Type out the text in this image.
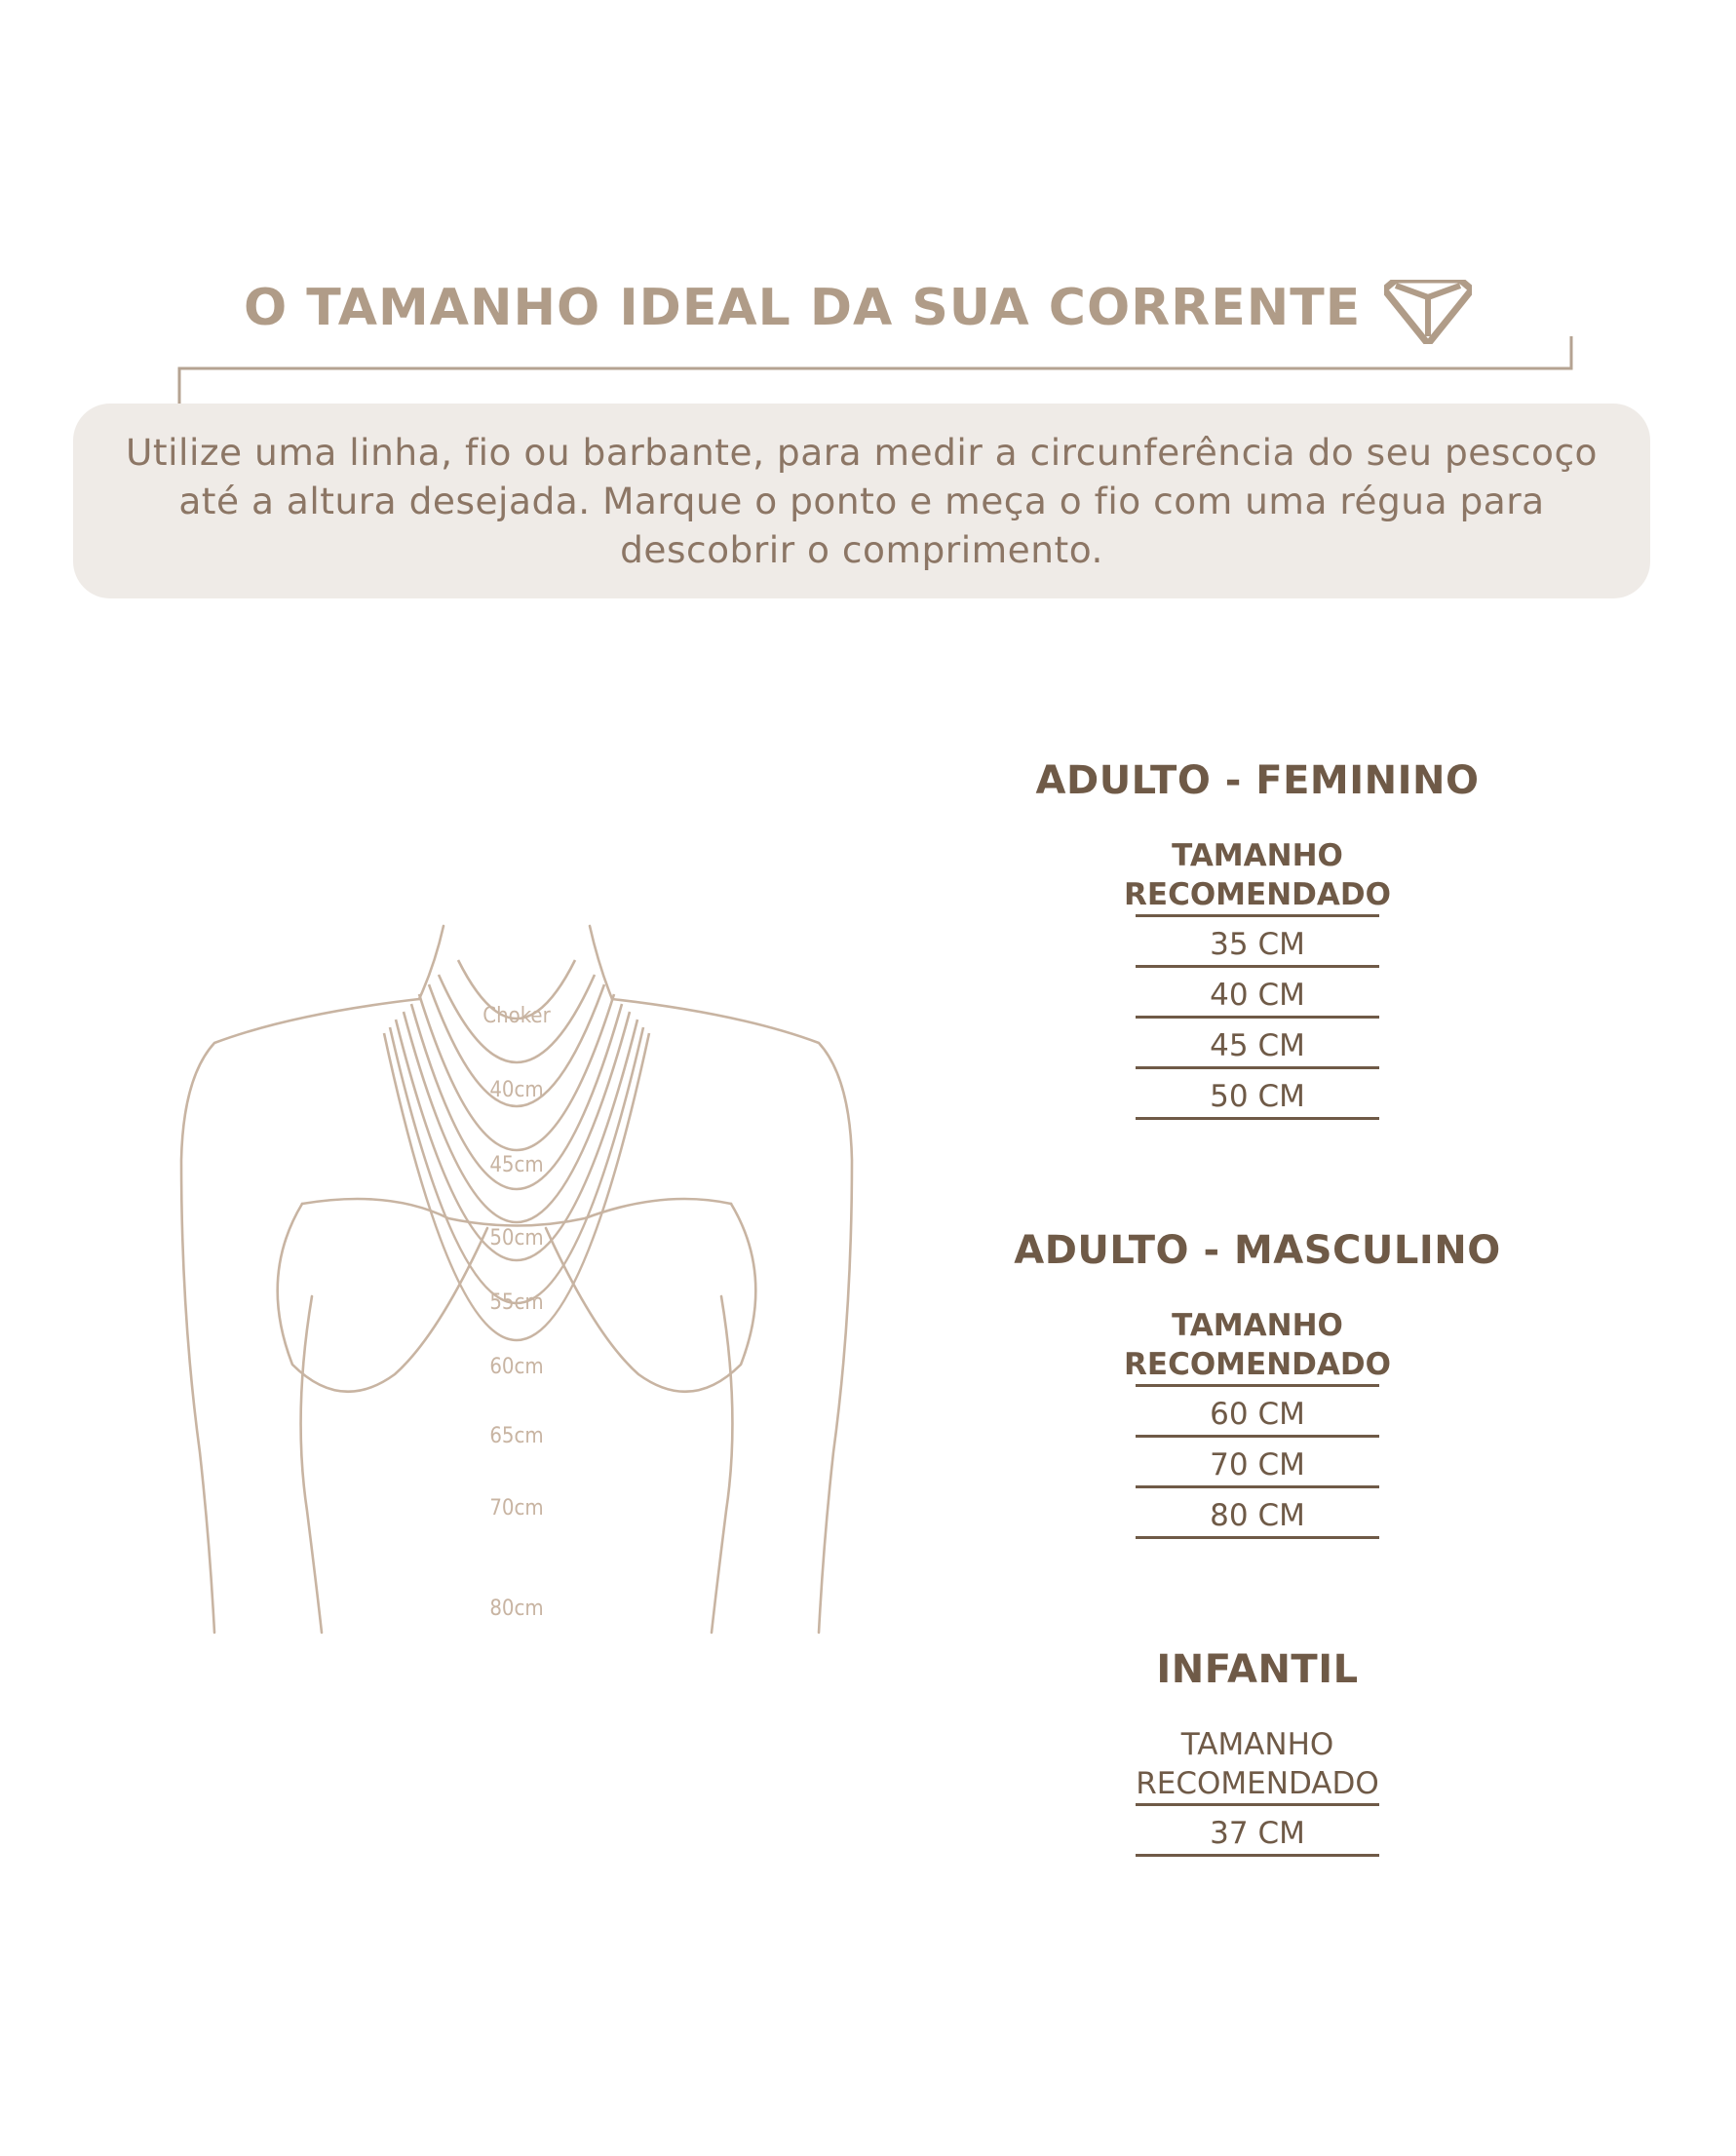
O TAMANHO IDEAL DA SUA CORRENTE

Utilize uma linha, fio ou barbante, para medir a circunferência do seu pescoço até a altura desejada. Marque o ponto e meça o fio com uma régua para descobrir o comprimento.

Choker
40cm
45cm
50cm
55cm
60cm
65cm
70cm
80cm
ADULTO - FEMININO
TAMANHO
RECOMENDADO
35 CM
40 CM
45 CM
50 CM
ADULTO - MASCULINO
TAMANHO
RECOMENDADO
60 CM
70 CM
80 CM
INFANTIL
TAMANHO
RECOMENDADO
37 CM
